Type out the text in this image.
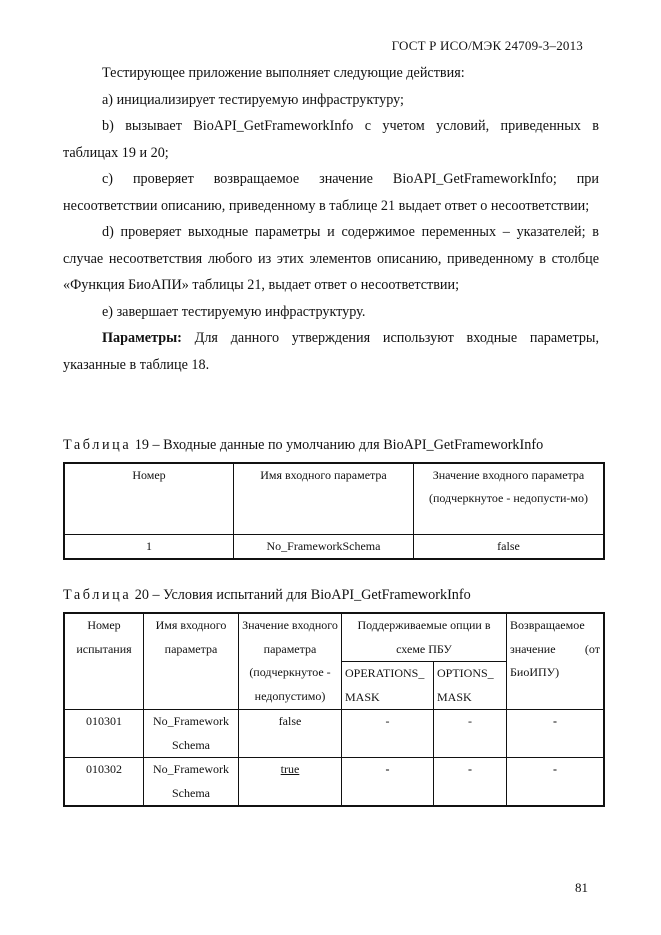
ГОСТ Р ИСО/МЭК 24709-3–2013

Тестирующее приложение выполняет следующие действия:

a) инициализирует тестируемую инфраструктуру;

b) вызывает BioAPI_GetFrameworkInfo с учетом условий, приведенных в таблицах 19 и 20;

c) проверяет возвращаемое значение BioAPI_GetFrameworkInfo; при несоответствии описанию, приведенному в таблице 21 выдает ответ о несоответствии;

d) проверяет выходные параметры и содержимое переменных – указателей; в случае несоответствия любого из этих элементов описанию, приведенному в столбце «Функция БиоАПИ» таблицы 21, выдает ответ о несоответствии;

e) завершает тестируемую инфраструктуру.

Параметры: Для данного утверждения используют входные параметры, указанные в таблице 18.

Таблица 19 – Входные данные по умолчанию для BioAPI_GetFrameworkInfo
Номер	Имя входного параметра	Значение входного параметра (подчеркнутое - недопусти-мо)
1	No_FrameworkSchema	false
Таблица 20 – Условия испытаний для BioAPI_GetFrameworkInfo
Номер испытания	Имя входного параметра	Значение входного параметра (подчеркнутое - недопустимо)	Поддерживаемые опции в схеме ПБУ		Возвращаемое значение (от БиоИПУ)
			OPERATIONS_ MASK	OPTIONS_ MASK	
010301	No_Framework Schema	false	-	-	-
010302	No_Framework Schema	true	-	-	-
81
